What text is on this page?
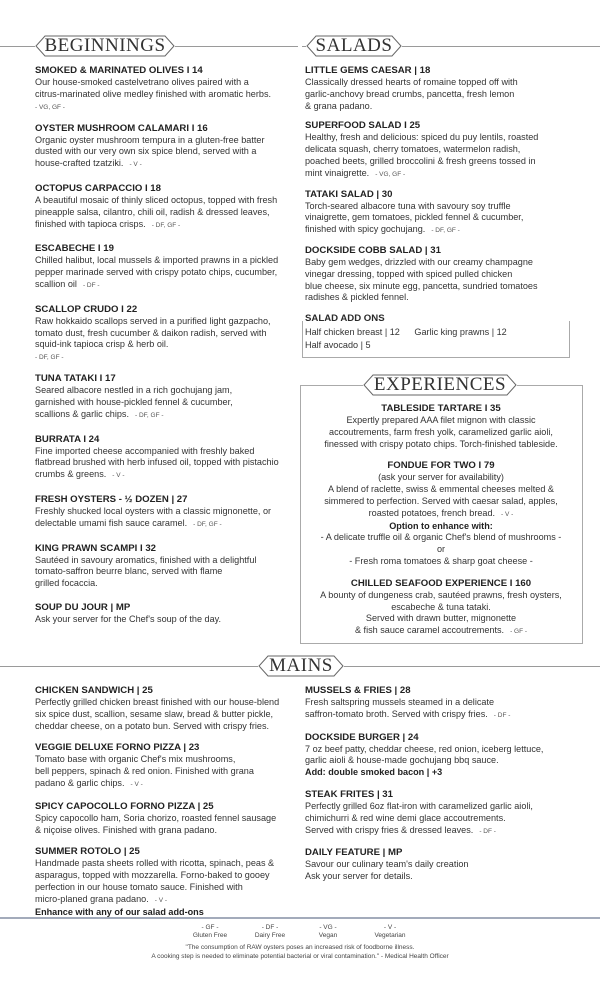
BEGINNINGS	SALADS
SMOKED & MARINATED OLIVES I 14
Our house-smoked castelvetrano olives paired with a
citrus-marinated olive medley finished with aromatic herbs.
- VG, GF -
OYSTER MUSHROOM CALAMARI I 16
Organic oyster mushroom tempura in a gluten-free batter
dusted with our very own six spice blend, served with a
house-crafted tzatziki. - V -
OCTOPUS CARPACCIO I 18
A beautiful mosaic of thinly sliced octopus, topped with fresh
pineapple salsa, cilantro, chili oil, radish & dressed leaves,
finished with tapioca crisps. - DF, GF -
ESCABECHE I 19
Chilled halibut, local mussels & imported prawns in a pickled
pepper marinade served with crispy potato chips, cucumber,
scallion oil - DF -
SCALLOP CRUDO I 22
Raw hokkaido scallops served in a purified light gazpacho,
tomato dust, fresh cucumber & daikon radish, served with
squid-ink tapioca crisp & herb oil.
- DF, GF -
TUNA TATAKI I 17
Seared albacore nestled in a rich gochujang jam,
garnished with house-pickled fennel & cucumber,
scallions & garlic chips. - DF, GF -
BURRATA I 24
Fine imported cheese accompanied with freshly baked
flatbread brushed with herb infused oil, topped with pistachio
crumbs & greens. - V -
FRESH OYSTERS - ½ DOZEN | 27
Freshly shucked local oysters with a classic mignonette, or
delectable umami fish sauce caramel. - DF, GF -
KING PRAWN SCAMPI I 32
Sautéed in savoury aromatics, finished with a delightful
tomato-saffron beurre blanc, served with flame
grilled focaccia.
SOUP DU JOUR | MP
Ask your server for the Chef's soup of the day.
LITTLE GEMS CAESAR | 18
Classically dressed hearts of romaine topped off with
garlic-anchovy bread crumbs, pancetta, fresh lemon
& grana padano.
SUPERFOOD SALAD I 25
Healthy, fresh and delicious: spiced du puy lentils, roasted
delicata squash, cherry tomatoes, watermelon radish,
poached beets, grilled broccolini & fresh greens tossed in
mint vinaigrette. - VG, GF -
TATAKI SALAD | 30
Torch-seared albacore tuna with savoury soy truffle
vinaigrette, gem tomatoes, pickled fennel & cucumber,
finished with spicy gochujang. - DF, GF -
DOCKSIDE COBB SALAD | 31
Baby gem wedges, drizzled with our creamy champagne
vinegar dressing, topped with spiced pulled chicken
blue cheese, six minute egg, pancetta, sundried tomatoes
radishes & pickled fennel.
SALAD ADD ONS
Half chicken breast | 12 Garlic king prawns | 12
Half avocado | 5
EXPERIENCES
TABLESIDE TARTARE I 35
Expertly prepared AAA filet mignon with classic
accoutrements, farm fresh yolk, caramelized garlic aioli,
finessed with crispy potato chips. Torch-finished tableside.
FONDUE FOR TWO I 79
(ask your server for availability)
A blend of raclette, swiss & emmental cheeses melted &
simmered to perfection. Served with caesar salad, apples,
roasted potatoes, french bread. - V -
Option to enhance with:
- A delicate truffle oil & organic Chef's blend of mushrooms -
or
- Fresh roma tomatoes & sharp goat cheese -
CHILLED SEAFOOD EXPERIENCE I 160
A bounty of dungeness crab, sautéed prawns, fresh oysters,
escabeche & tuna tataki.
Served with drawn butter, mignonette
& fish sauce caramel accoutrements. - GF -
MAINS
CHICKEN SANDWICH | 25
Perfectly grilled chicken breast finished with our house-blend
six spice dust, scallion, sesame slaw, bread & butter pickle,
cheddar cheese, on a potato bun. Served with crispy fries.
VEGGIE DELUXE FORNO PIZZA | 23
Tomato base with organic Chef's mix mushrooms,
bell peppers, spinach & red onion. Finished with grana
padano & garlic chips. - V -
SPICY CAPOCOLLO FORNO PIZZA | 25
Spicy capocollo ham, Soria chorizo, roasted fennel sausage
& niçoise olives. Finished with grana padano.
SUMMER ROTOLO | 25
Handmade pasta sheets rolled with ricotta, spinach, peas &
asparagus, topped with mozzarella. Forno-baked to gooey
perfection in our house tomato sauce. Finished with
micro-planed grana padano. - V -
Enhance with any of our salad add-ons
MUSSELS & FRIES | 28
Fresh saltspring mussels steamed in a delicate
saffron-tomato broth. Served with crispy fries. - DF -
DOCKSIDE BURGER | 24
7 oz beef patty, cheddar cheese, red onion, iceberg lettuce,
garlic aioli & house-made gochujang bbq sauce.
Add: double smoked bacon | +3
STEAK FRITES | 31
Perfectly grilled 6oz flat-iron with caramelized garlic aioli,
chimichurri & red wine demi glace accoutrements.
Served with crispy fries & dressed leaves. - DF -
DAILY FEATURE | MP
Savour our culinary team's daily creation
Ask your server for details.
- GF -
Gluten Free
- DF -
Dairy Free
- VG -
Vegan
- V -
Vegetarian
"The consumption of RAW oysters poses an increased risk of foodborne illness.
A cooking step is needed to eliminate potential bacterial or viral contamination." - Medical Health Officer
